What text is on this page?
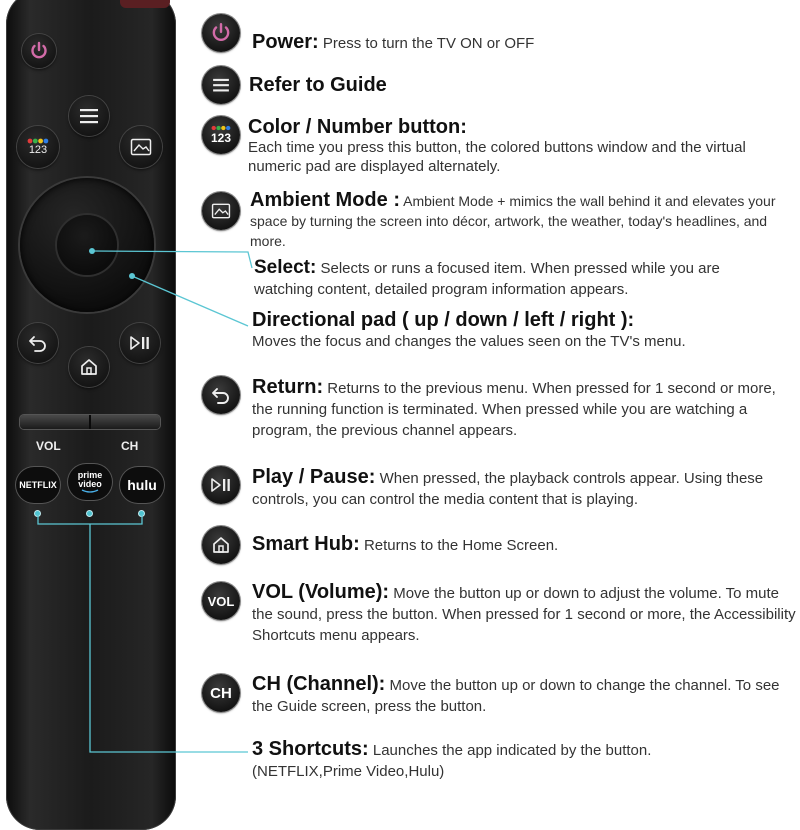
123
VOL	CH
NETFLIX
prime
video hulu
Power: Press to turn the TV ON or OFF
Refer to Guide
123 Color / Number button:
Each time you press this button, the colored buttons window and the virtual numeric pad are displayed alternately.
Ambient Mode : Ambient Mode + mimics the wall behind it and elevates your space by turning the screen into décor, artwork, the weather, today's headlines, and more.
Select: Selects or runs a focused item. When pressed while you are watching content, detailed program information appears.
Directional pad ( up / down / left / right ):
Moves the focus and changes the values seen on the TV's menu.
Return: Returns to the previous menu. When pressed for 1 second or more, the running function is terminated. When pressed while you are watching a program, the previous channel appears.
Play / Pause: When pressed, the playback controls appear. Using these controls, you can control the media content that is playing.
Smart Hub: Returns to the Home Screen.
VOL VOL (Volume): Move the button up or down to adjust the volume. To mute the sound, press the button. When pressed for 1 second or more, the Accessibility Shortcuts menu appears.
CH CH (Channel): Move the button up or down to change the channel. To see the Guide screen, press the button.
3 Shortcuts: Launches the app indicated by the button. (NETFLIX,Prime Video,Hulu)
